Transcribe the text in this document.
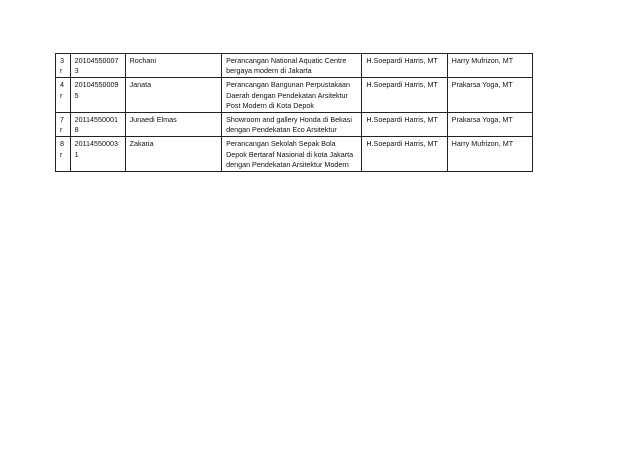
3r	201045500073	Rochani	Perancangan National Aquatic Centre bergaya modern di Jakarta	H.Soepardi Harris, MT	Harry Mufrizon, MT
4r	201045500095	Janata	Perancangan Bangunan Perpustakaan Daerah dengan Pendekatan Arsitektur Post Modern di Kota Depok	H.Soepardi Harris, MT	Prakarsa Yoga, MT
7r	201145500018	Junaedi Elmas	Showroom and gallery Honda di Bekasi dengan Pendekatan Eco Arsitektur	H.Soepardi Harris, MT	Prakarsa Yoga, MT
8r	201145500031	Zakaria	Perancangan Sekolah Sepak Bola Depok Bertaraf Nasional di kota Jakarta dengan Pendekatan Arsitektur Modern	H.Soepardi Harris, MT	Harry Mufrizon, MT
